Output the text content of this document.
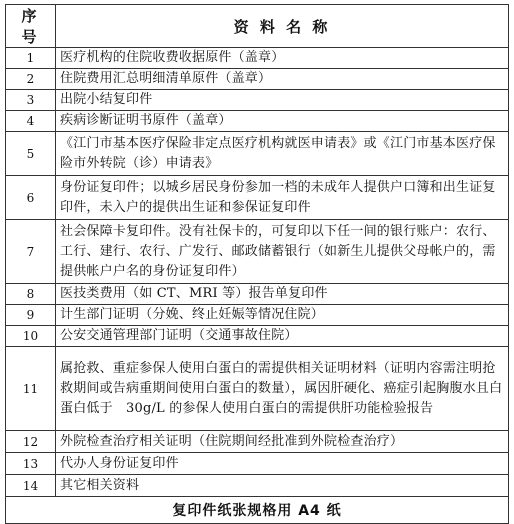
序 号	资 料 名 称
1	医疗机构的住院收费收据原件（盖章）
2	住院费用汇总明细清单原件（盖章）
3	出院小结复印件
4	疾病诊断证明书原件（盖章）
5	《江门市基本医疗保险非定点医疗机构就医申请表》或《江门市基本医疗保险市外转院（诊）申请表》
6	身份证复印件；以城乡居民身份参加一档的未成年人提供户口簿和出生证复印件，未入户的提供出生证和参保证复印件
7	社会保障卡复印件。没有社保卡的，可复印以下任一间的银行账户：农行、工行、建行、农行、广发行、邮政储蓄银行（如新生儿提供父母帐户的，需提供帐户户名的身份证复印件）
8	医技类费用（如 CT、MRI 等）报告单复印件
9	计生部门证明（分娩、终止妊娠等情况住院）
10	公安交通管理部门证明（交通事故住院）
11	属抢救、重症参保人使用白蛋白的需提供相关证明材料（证明内容需注明抢救期间或告病重期间使用白蛋白的数量），属因肝硬化、癌症引起胸腹水且白蛋白低于　30g/L 的参保人使用白蛋白的需提供肝功能检验报告
12	外院检查治疗相关证明（住院期间经批准到外院检查治疗）
13	代办人身份证复印件
14	其它相关资料
复印件纸张规格用 A4 纸	
